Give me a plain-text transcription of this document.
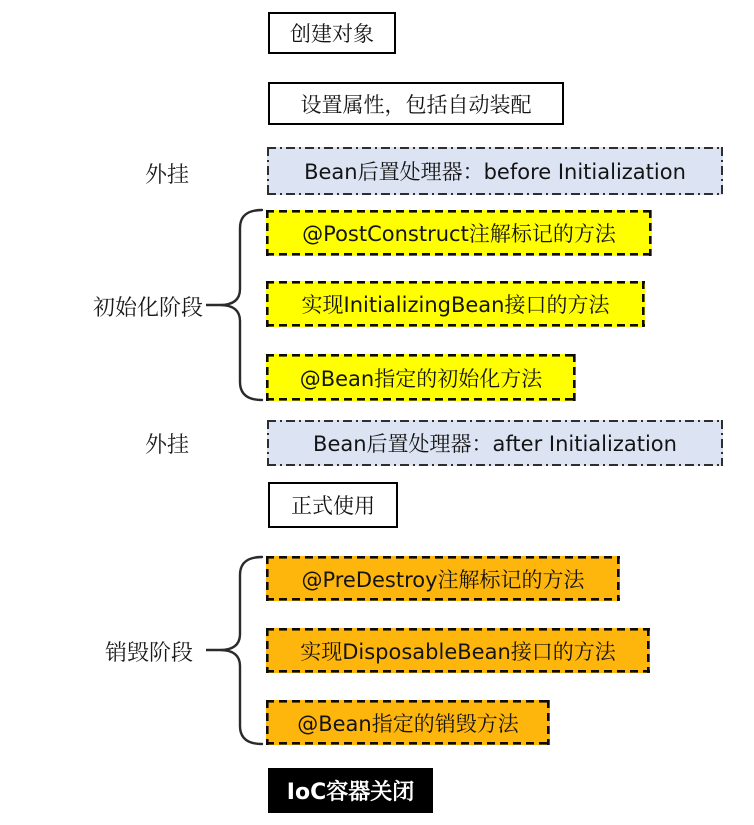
创建对象
设置属性，包括自动装配
外挂	Bean后置处理器：before Initialization
@PostConstruct注解标记的方法
实现InitializingBean接口的方法
@Bean指定的初始化方法
初始化阶段
外挂	Bean后置处理器：after Initialization
正式使用
@PreDestroy注解标记的方法
实现DisposableBean接口的方法
@Bean指定的销毁方法
销毁阶段
IoC容器关闭
